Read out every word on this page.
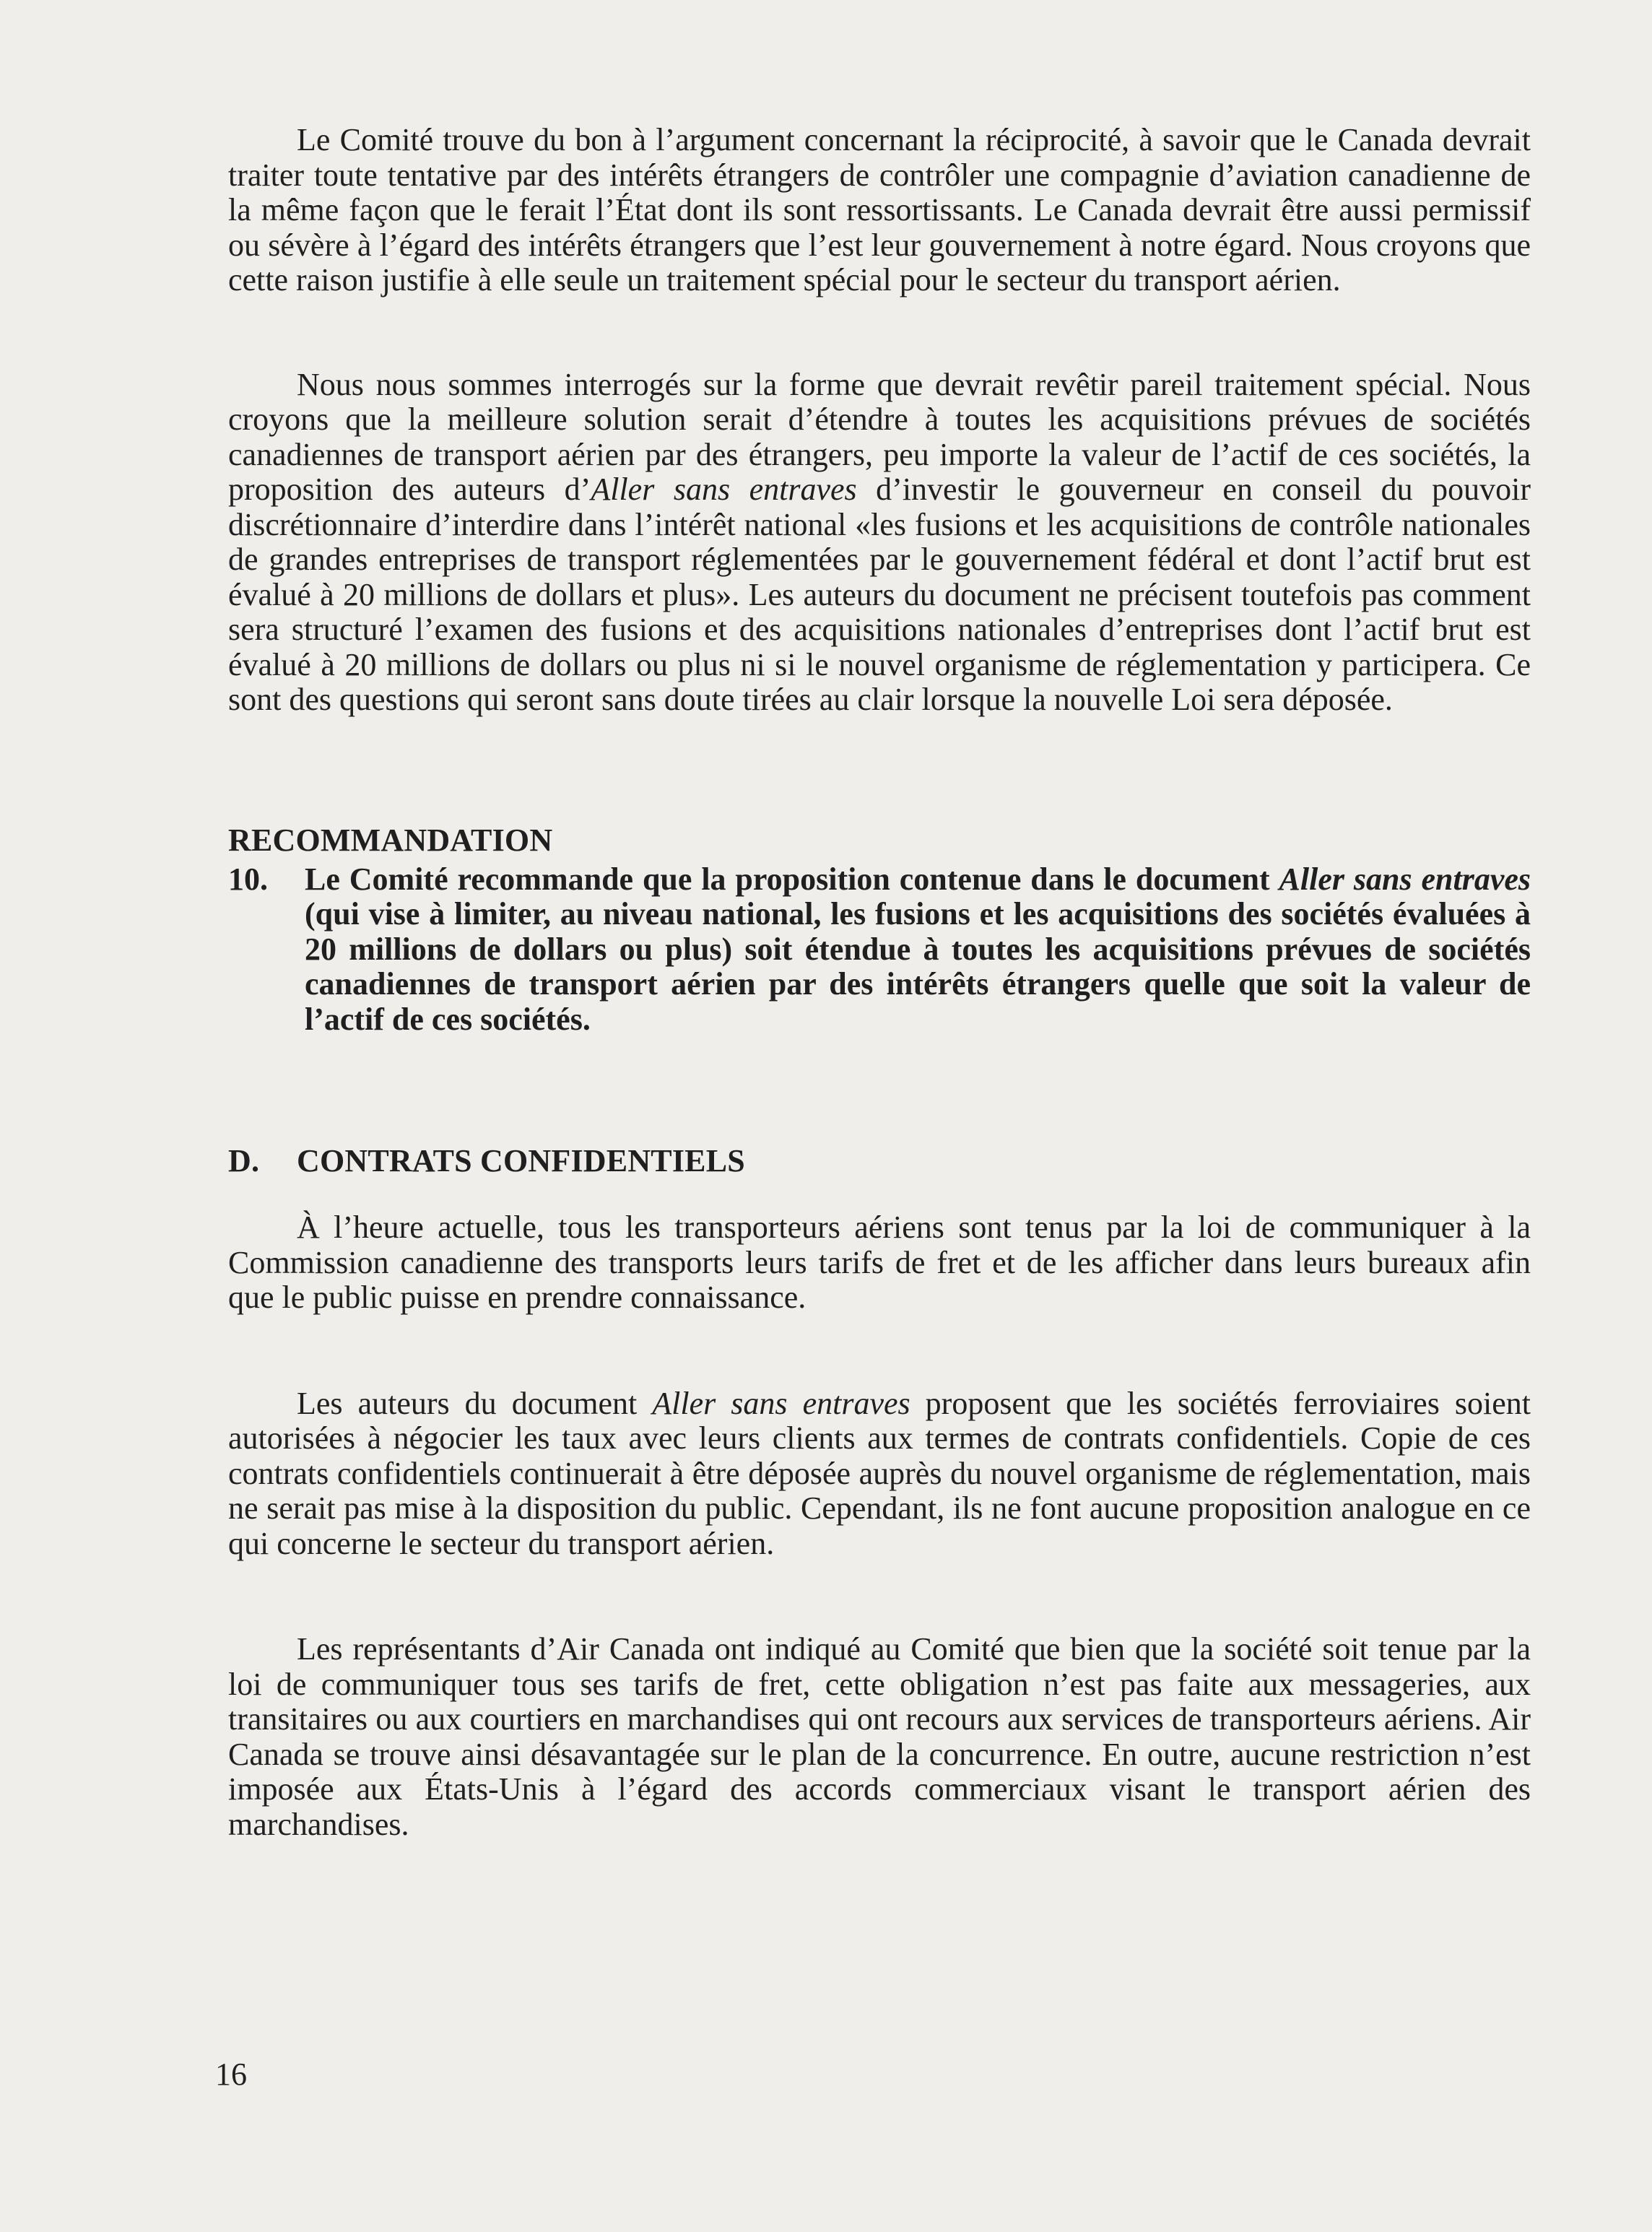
Le Comité trouve du bon à l’argument concernant la réciprocité, à savoir que le Canada devrait traiter toute tentative par des intérêts étrangers de contrôler une compagnie d’aviation canadienne de la même façon que le ferait l’État dont ils sont ressortissants. Le Canada devrait être aussi permissif ou sévère à l’égard des intérêts étrangers que l’est leur gouvernement à notre égard. Nous croyons que cette raison justifie à elle seule un traitement spécial pour le secteur du transport aérien.

Nous nous sommes interrogés sur la forme que devrait revêtir pareil traitement spécial. Nous croyons que la meilleure solution serait d’étendre à toutes les acquisitions prévues de sociétés canadiennes de transport aérien par des étrangers, peu importe la valeur de l’actif de ces sociétés, la proposition des auteurs d’Aller sans entraves d’investir le gouverneur en conseil du pouvoir discrétionnaire d’interdire dans l’intérêt national «les fusions et les acquisitions de contrôle nationales de grandes entreprises de transport réglementées par le gouvernement fédéral et dont l’actif brut est évalué à 20 millions de dollars et plus». Les auteurs du document ne précisent toutefois pas comment sera structuré l’examen des fusions et des acquisitions nationales d’entreprises dont l’actif brut est évalué à 20 millions de dollars ou plus ni si le nouvel organisme de réglementation y participera. Ce sont des questions qui seront sans doute tirées au clair lorsque la nouvelle Loi sera déposée.

RECOMMANDATION
10.	Le Comité recommande que la proposition contenue dans le document Aller sans entraves (qui vise à limiter, au niveau national, les fusions et les acquisitions des sociétés évaluées à 20 millions de dollars ou plus) soit étendue à toutes les acquisitions prévues de sociétés canadiennes de transport aérien par des intérêts étrangers quelle que soit la valeur de l’actif de ces sociétés.
D. CONTRATS CONFIDENTIELS

À l’heure actuelle, tous les transporteurs aériens sont tenus par la loi de communiquer à la Commission canadienne des transports leurs tarifs de fret et de les afficher dans leurs bureaux afin que le public puisse en prendre connaissance.

Les auteurs du document Aller sans entraves proposent que les sociétés ferroviaires soient autorisées à négocier les taux avec leurs clients aux termes de contrats confidentiels. Copie de ces contrats confidentiels continuerait à être déposée auprès du nouvel organisme de réglementation, mais ne serait pas mise à la disposition du public. Cependant, ils ne font aucune proposition analogue en ce qui concerne le secteur du transport aérien.

Les représentants d’Air Canada ont indiqué au Comité que bien que la société soit tenue par la loi de communiquer tous ses tarifs de fret, cette obligation n’est pas faite aux messageries, aux transitaires ou aux courtiers en marchandises qui ont recours aux services de transporteurs aériens. Air Canada se trouve ainsi désavantagée sur le plan de la concurrence. En outre, aucune restriction n’est imposée aux États-Unis à l’égard des accords commerciaux visant le transport aérien des marchandises.

16
